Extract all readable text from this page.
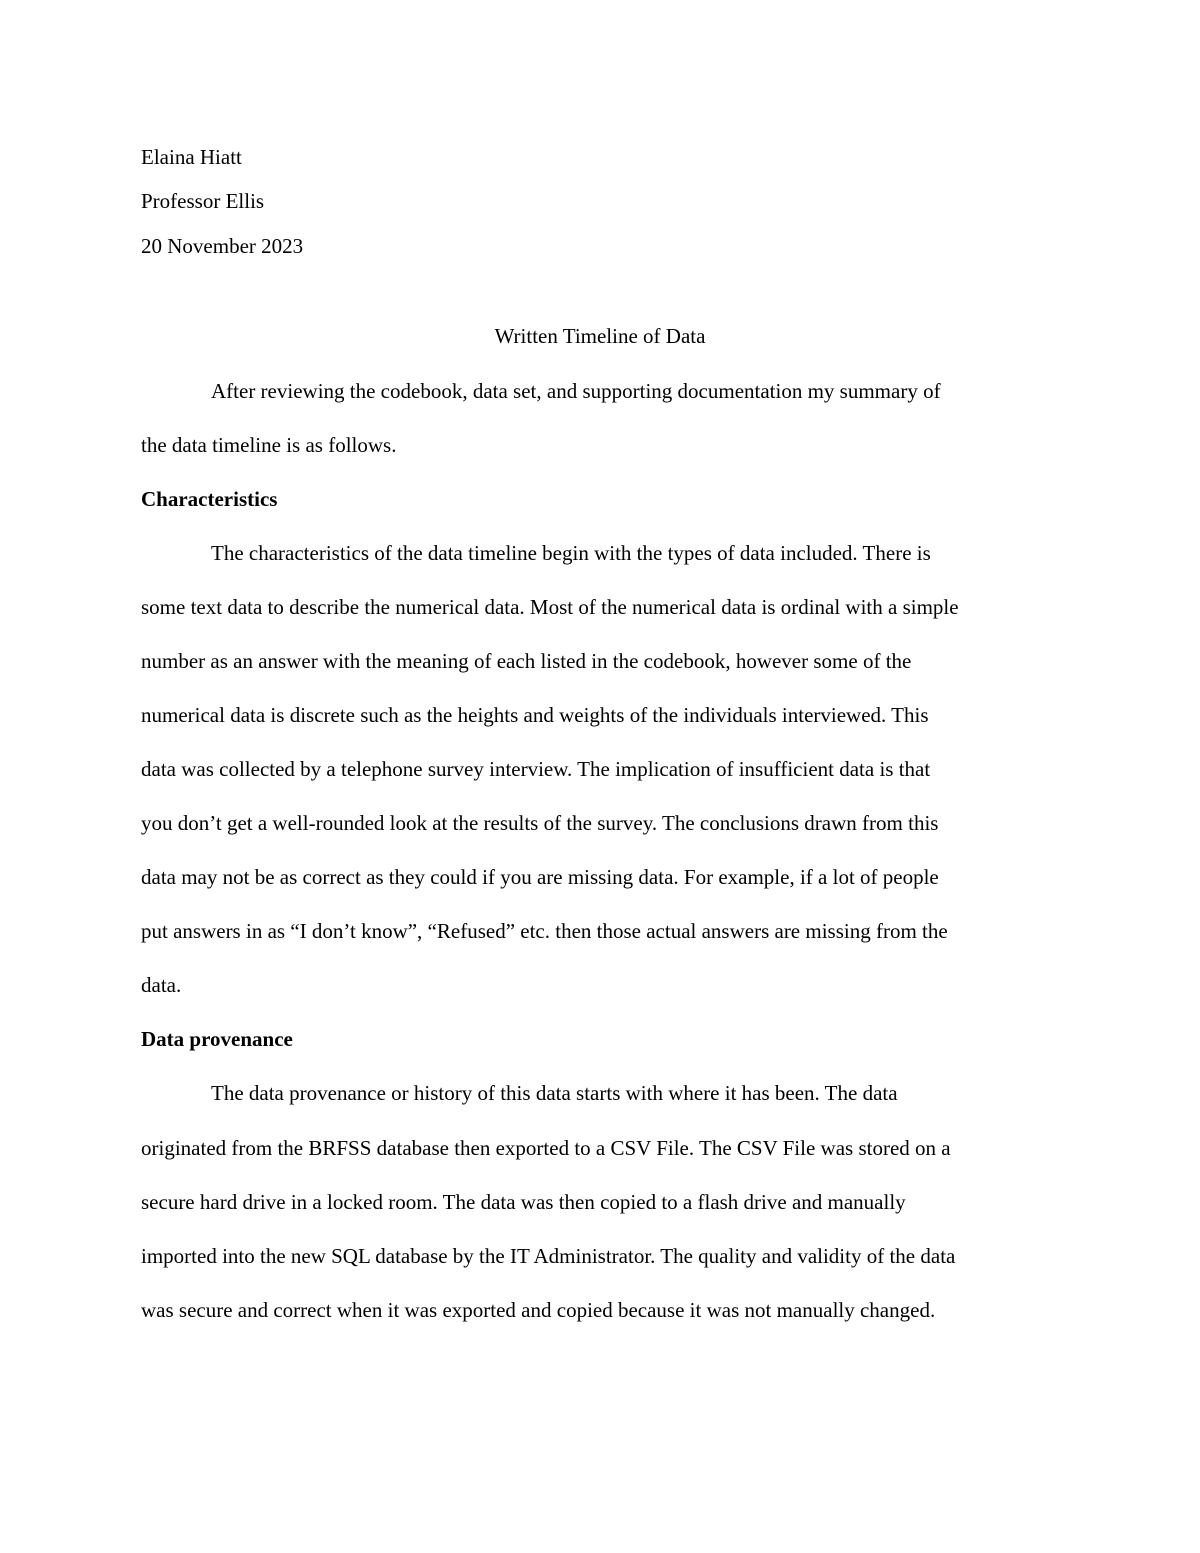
Elaina Hiatt
Professor Ellis
20 November 2023
Written Timeline of Data
After reviewing the codebook, data set, and supporting documentation my summary of
the data timeline is as follows.
Characteristics
The characteristics of the data timeline begin with the types of data included. There is
some text data to describe the numerical data. Most of the numerical data is ordinal with a simple
number as an answer with the meaning of each listed in the codebook, however some of the
numerical data is discrete such as the heights and weights of the individuals interviewed. This
data was collected by a telephone survey interview. The implication of insufficient data is that
you don’t get a well-rounded look at the results of the survey. The conclusions drawn from this
data may not be as correct as they could if you are missing data. For example, if a lot of people
put answers in as “I don’t know”, “Refused” etc. then those actual answers are missing from the
data.
Data provenance
The data provenance or history of this data starts with where it has been. The data
originated from the BRFSS database then exported to a CSV File. The CSV File was stored on a
secure hard drive in a locked room. The data was then copied to a flash drive and manually
imported into the new SQL database by the IT Administrator. The quality and validity of the data
was secure and correct when it was exported and copied because it was not manually changed.
